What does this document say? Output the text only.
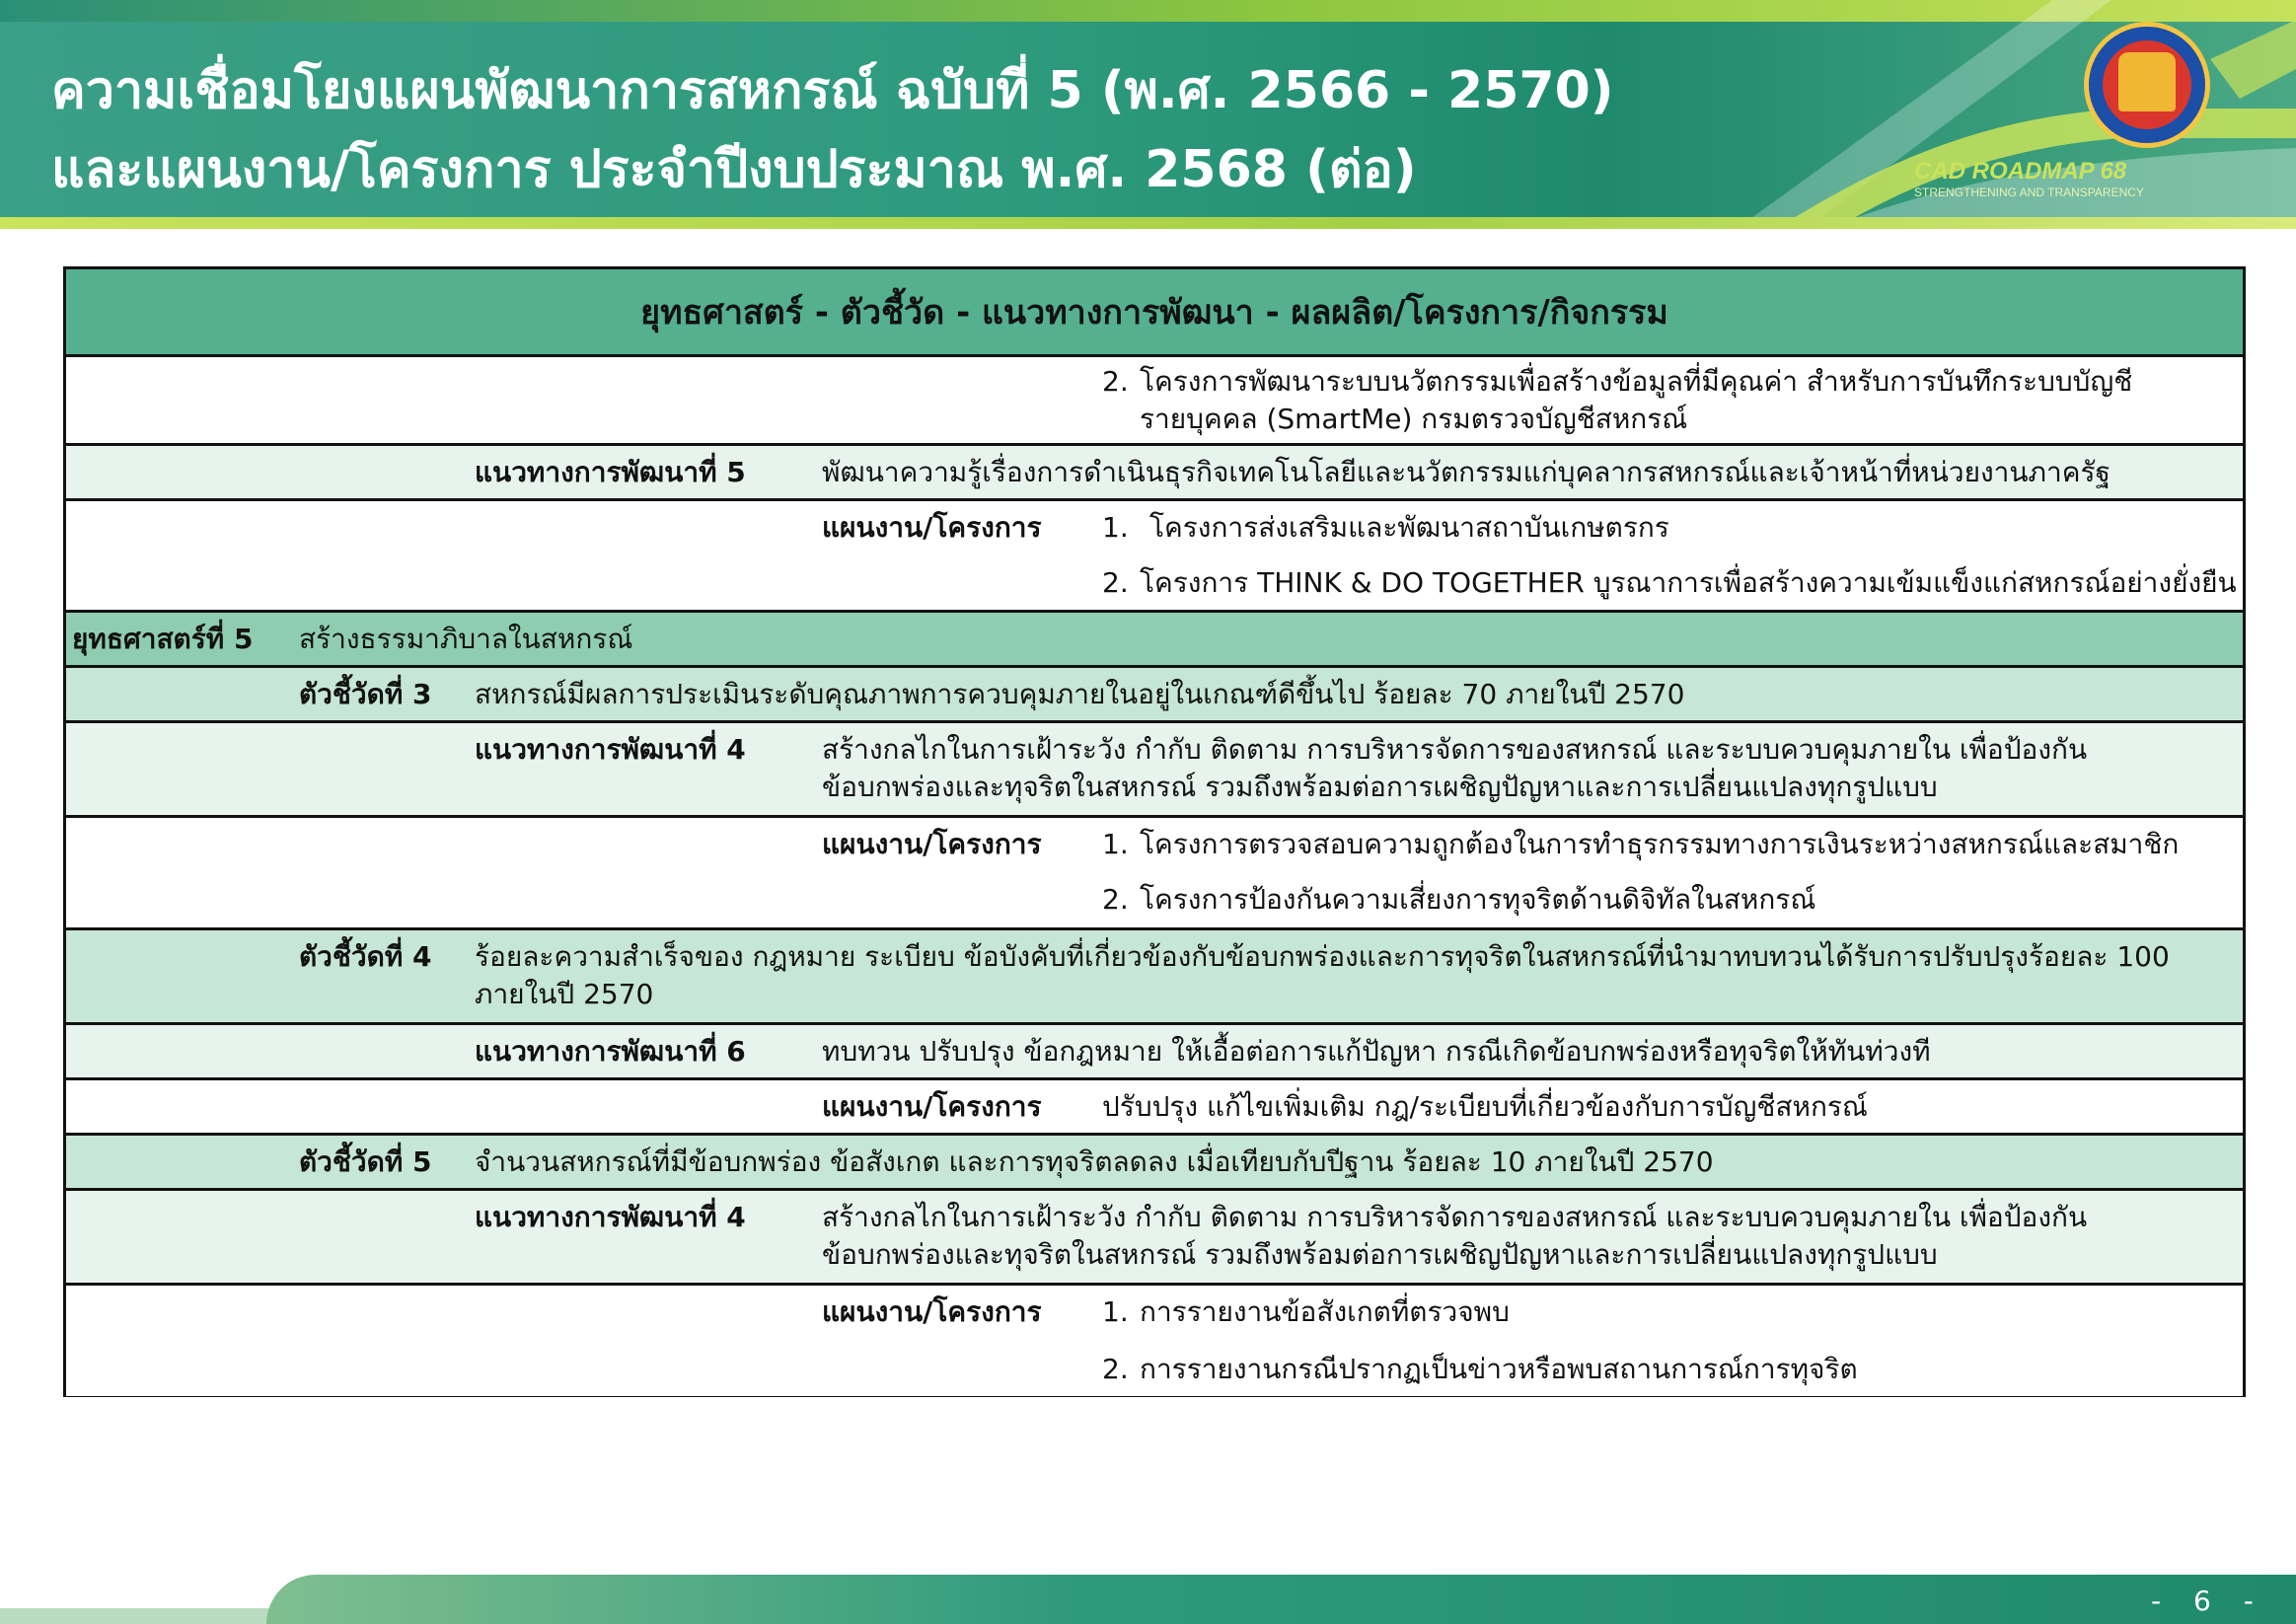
ความเชื่อมโยงแผนพัฒนาการสหกรณ์ ฉบับที่ 5 (พ.ศ. 2566 - 2570)
และแผนงาน/โครงการ ประจำปีงบประมาณ พ.ศ. 2568 (ต่อ)	CAD ROADMAP 68
STRENGTHENING AND TRANSPARENCY
ยุทธศาสตร์ - ตัวชี้วัด - แนวทางการพัฒนา - ผลผลิต/โครงการ/กิจกรรม
2. โครงการพัฒนาระบบนวัตกรรมเพื่อสร้างข้อมูลที่มีคุณค่า สำหรับการบันทึกระบบบัญชี
รายบุคคล (SmartMe) กรมตรวจบัญชีสหกรณ์
แนวทางการพัฒนาที่ 5	พัฒนาความรู้เรื่องการดำเนินธุรกิจเทคโนโลยีและนวัตกรรมแก่บุคลากรสหกรณ์และเจ้าหน้าที่หน่วยงานภาครัฐ
แผนงาน/โครงการ 1. โครงการส่งเสริมและพัฒนาสถาบันเกษตรกร
2. โครงการ THINK & DO TOGETHER บูรณาการเพื่อสร้างความเข้มแข็งแก่สหกรณ์อย่างยั่งยืน
ยุทธศาสตร์ที่ 5 สร้างธรรมาภิบาลในสหกรณ์
ตัวชี้วัดที่ 3 สหกรณ์มีผลการประเมินระดับคุณภาพการควบคุมภายในอยู่ในเกณฑ์ดีขึ้นไป ร้อยละ 70 ภายในปี 2570
แนวทางการพัฒนาที่ 4	สร้างกลไกในการเฝ้าระวัง กำกับ ติดตาม การบริหารจัดการของสหกรณ์ และระบบควบคุมภายใน เพื่อป้องกัน
ข้อบกพร่องและทุจริตในสหกรณ์ รวมถึงพร้อมต่อการเผชิญปัญหาและการเปลี่ยนแปลงทุกรูปแบบ
แผนงาน/โครงการ 1. โครงการตรวจสอบความถูกต้องในการทำธุรกรรมทางการเงินระหว่างสหกรณ์และสมาชิก
2. โครงการป้องกันความเสี่ยงการทุจริตด้านดิจิทัลในสหกรณ์
ตัวชี้วัดที่ 4 ร้อยละความสำเร็จของ กฎหมาย ระเบียบ ข้อบังคับที่เกี่ยวข้องกับข้อบกพร่องและการทุจริตในสหกรณ์ที่นำมาทบทวนได้รับการปรับปรุงร้อยละ 100
ภายในปี 2570
แนวทางการพัฒนาที่ 6	ทบทวน ปรับปรุง ข้อกฎหมาย ให้เอื้อต่อการแก้ปัญหา กรณีเกิดข้อบกพร่องหรือทุจริตให้ทันท่วงที
แผนงาน/โครงการ ปรับปรุง แก้ไขเพิ่มเติม กฎ/ระเบียบที่เกี่ยวข้องกับการบัญชีสหกรณ์
ตัวชี้วัดที่ 5 จำนวนสหกรณ์ที่มีข้อบกพร่อง ข้อสังเกต และการทุจริตลดลง เมื่อเทียบกับปีฐาน ร้อยละ 10 ภายในปี 2570
แนวทางการพัฒนาที่ 4	สร้างกลไกในการเฝ้าระวัง กำกับ ติดตาม การบริหารจัดการของสหกรณ์ และระบบควบคุมภายใน เพื่อป้องกัน
ข้อบกพร่องและทุจริตในสหกรณ์ รวมถึงพร้อมต่อการเผชิญปัญหาและการเปลี่ยนแปลงทุกรูปแบบ
แผนงาน/โครงการ 1. การรายงานข้อสังเกตที่ตรวจพบ
2. การรายงานกรณีปรากฏเป็นข่าวหรือพบสถานการณ์การทุจริต
- 6 -
